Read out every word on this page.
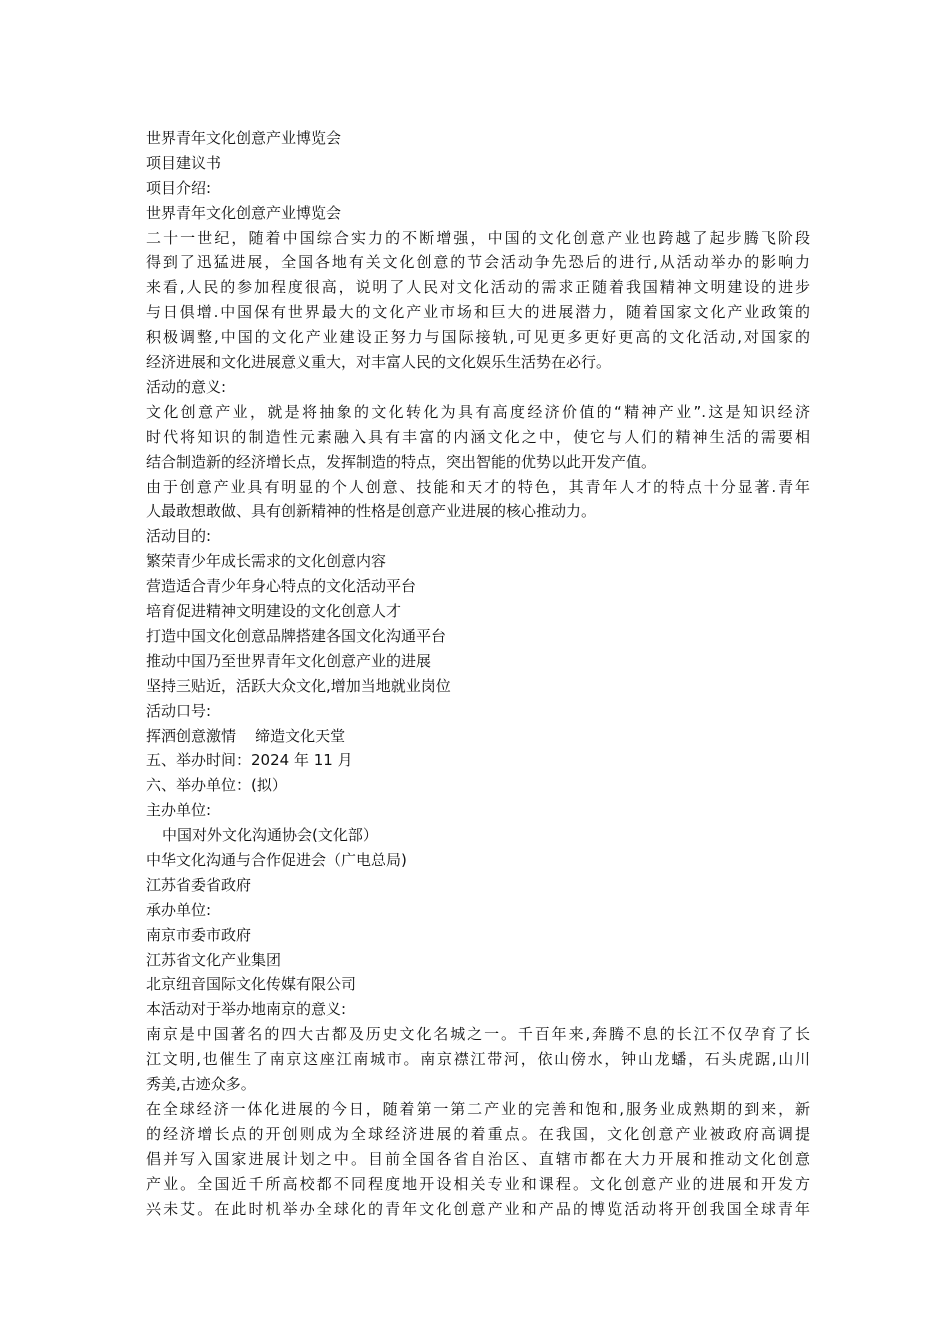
世界青年文化创意产业博览会
项目建议书
项目介绍:
世界青年文化创意产业博览会
二十一世纪，随着中国综合实力的不断增强，中国的文化创意产业也跨越了起步腾飞阶段
得到了迅猛进展，全国各地有关文化创意的节会活动争先恐后的进行,从活动举办的影响力
来看,人民的参加程度很高，说明了人民对文化活动的需求正随着我国精神文明建设的进步
与日俱增.中国保有世界最大的文化产业市场和巨大的进展潜力，随着国家文化产业政策的
积极调整,中国的文化产业建设正努力与国际接轨,可见更多更好更高的文化活动,对国家的
经济进展和文化进展意义重大，对丰富人民的文化娱乐生活势在必行。
活动的意义:
文化创意产业，就是将抽象的文化转化为具有高度经济价值的“精神产业”.这是知识经济
时代将知识的制造性元素融入具有丰富的内涵文化之中，使它与人们的精神生活的需要相
结合制造新的经济增长点，发挥制造的特点，突出智能的优势以此开发产值。
由于创意产业具有明显的个人创意、技能和天才的特色，其青年人才的特点十分显著.青年
人最敢想敢做、具有创新精神的性格是创意产业进展的核心推动力。
活动目的:
繁荣青少年成长需求的文化创意内容
营造适合青少年身心特点的文化活动平台
培育促进精神文明建设的文化创意人才
打造中国文化创意品牌搭建各国文化沟通平台
推动中国乃至世界青年文化创意产业的进展
坚持三贴近，活跃大众文化,增加当地就业岗位
活动口号:
挥洒创意激情    缔造文化天堂
五、举办时间：2024 年 11 月
六、举办单位：(拟）
主办单位:
中国对外文化沟通协会(文化部）
中华文化沟通与合作促进会（广电总局)
江苏省委省政府
承办单位:
南京市委市政府
江苏省文化产业集团
北京纽音国际文化传媒有限公司
本活动对于举办地南京的意义:
南京是中国著名的四大古都及历史文化名城之一。千百年来,奔腾不息的长江不仅孕育了长
江文明,也催生了南京这座江南城市。南京襟江带河，依山傍水，钟山龙蟠，石头虎踞,山川
秀美,古迹众多。
在全球经济一体化进展的今日，随着第一第二产业的完善和饱和,服务业成熟期的到来，新
的经济增长点的开创则成为全球经济进展的着重点。在我国，文化创意产业被政府高调提
倡并写入国家进展计划之中。目前全国各省自治区、直辖市都在大力开展和推动文化创意
产业。全国近千所高校都不同程度地开设相关专业和课程。文化创意产业的进展和开发方
兴未艾。在此时机举办全球化的青年文化创意产业和产品的博览活动将开创我国全球青年
